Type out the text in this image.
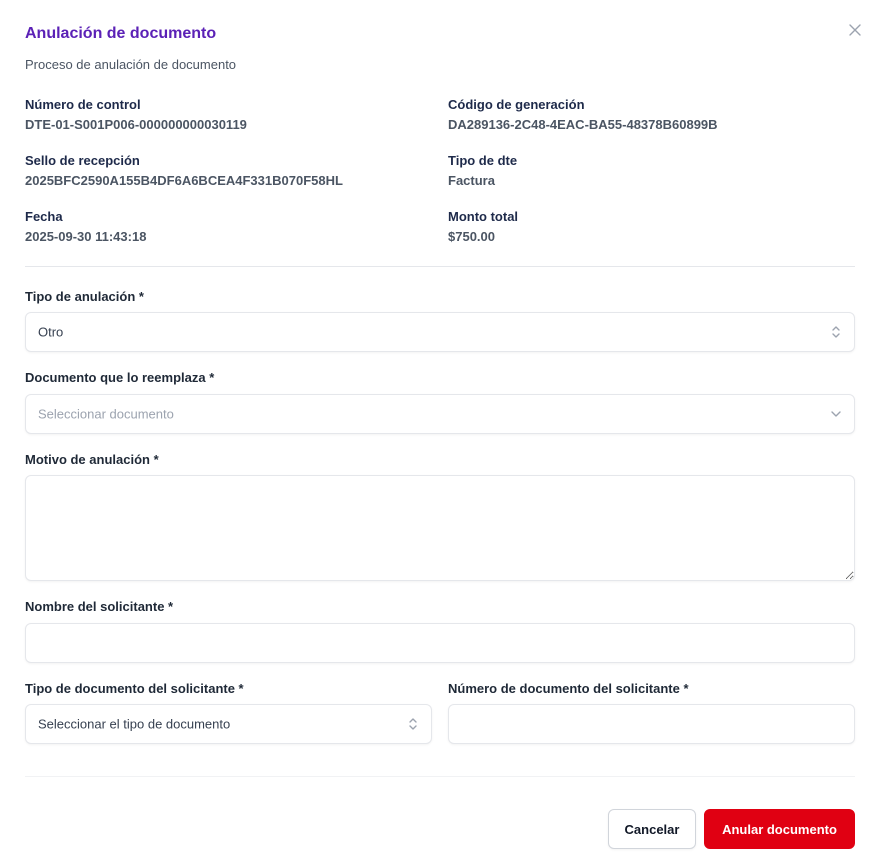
Anulación de documento
Proceso de anulación de documento
Número de control
DTE-01-S001P006-000000000030119
Código de generación
DA289136-2C48-4EAC-BA55-48378B60899B
Sello de recepción
2025BFC2590A155B4DF6A6BCEA4F331B070F58HL
Tipo de dte
Factura
Fecha
2025-09-30 11:43:18
Monto total
$750.00
Tipo de anulación *
Otro
Documento que lo reemplaza *
Seleccionar documento
Motivo de anulación *
Nombre del solicitante *
Tipo de documento del solicitante *
Seleccionar el tipo de documento
Número de documento del solicitante *
Cancelar	Anular documento
